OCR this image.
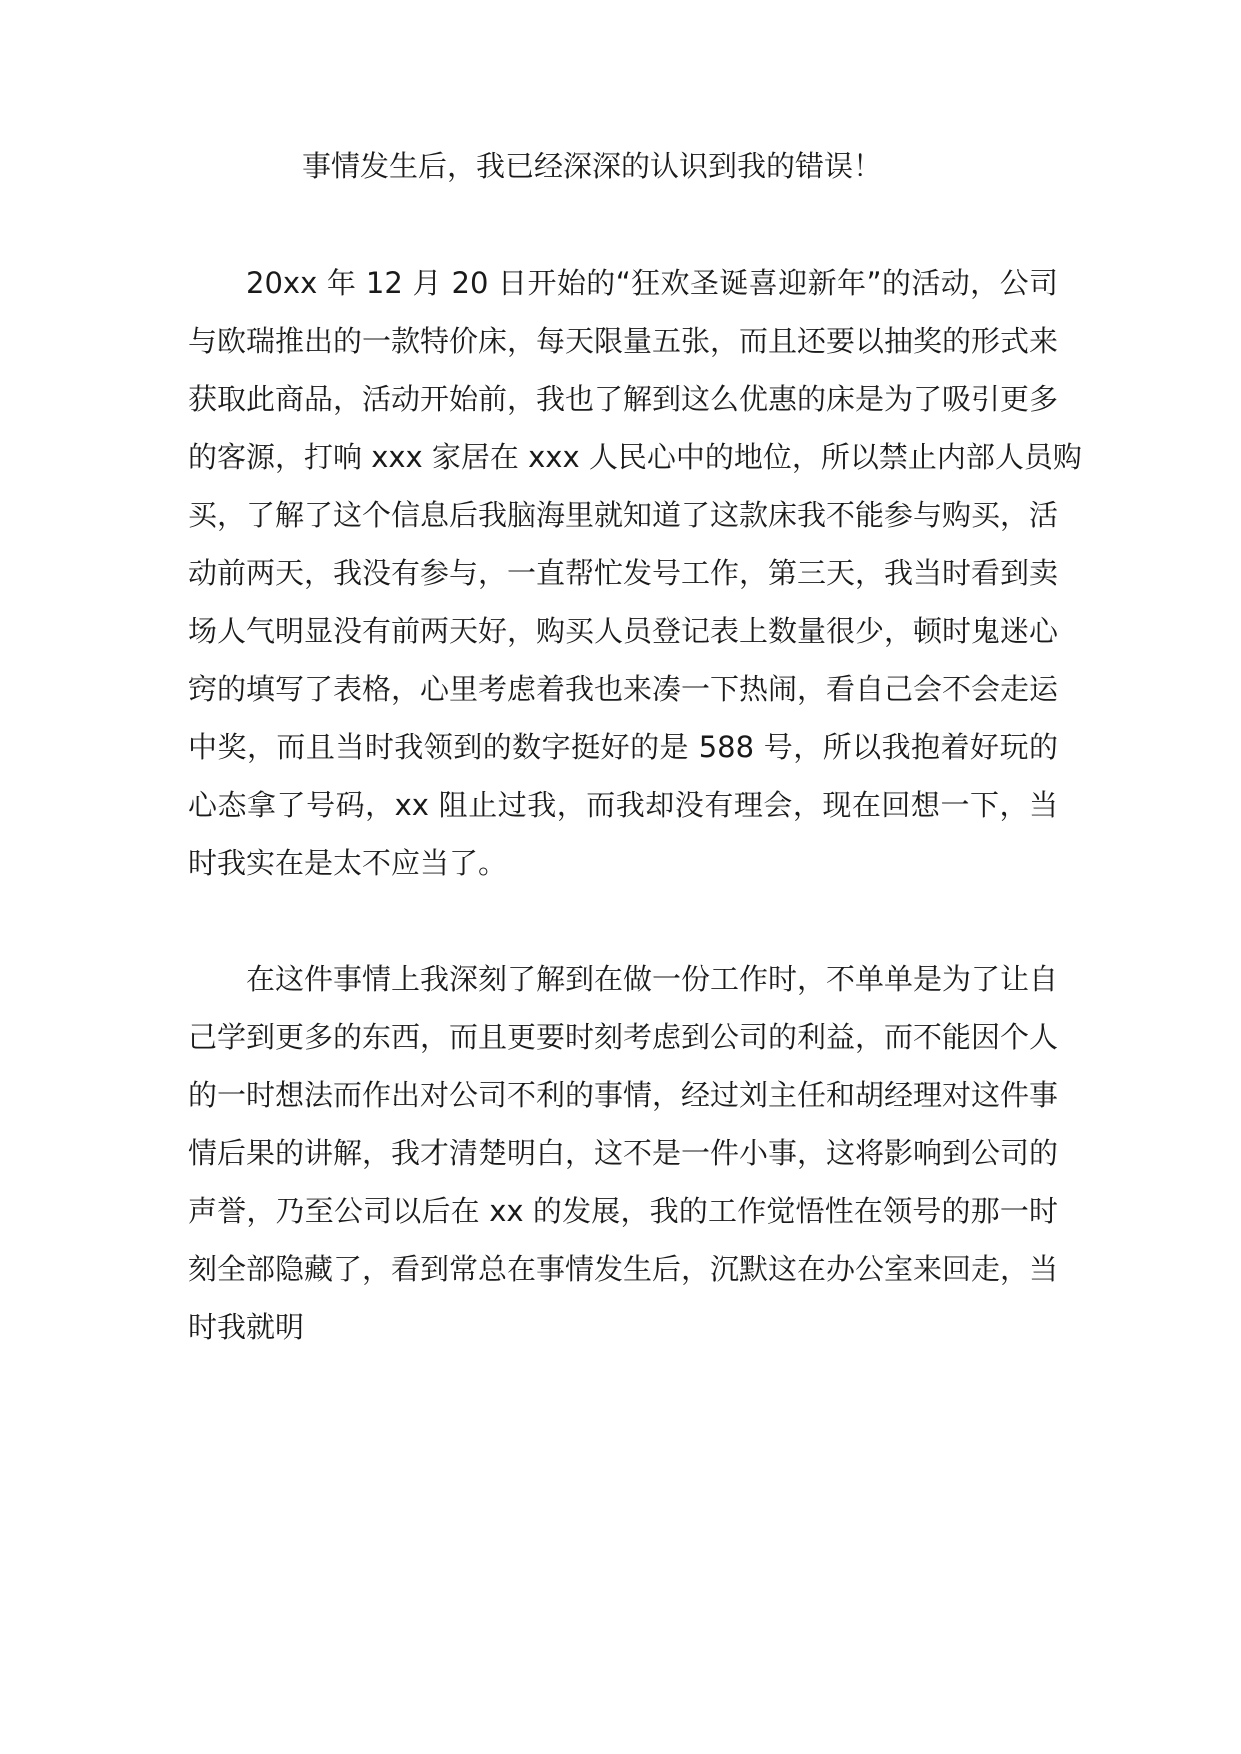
事情发生后，我已经深深的认识到我的错误！
20xx 年 12 月 20 日开始的“狂欢圣诞喜迎新年”的活动，公司
与欧瑞推出的一款特价床，每天限量五张，而且还要以抽奖的形式来
获取此商品，活动开始前，我也了解到这么优惠的床是为了吸引更多
的客源，打响 xxx 家居在 xxx 人民心中的地位，所以禁止内部人员购
买，了解了这个信息后我脑海里就知道了这款床我不能参与购买，活
动前两天，我没有参与，一直帮忙发号工作，第三天，我当时看到卖
场人气明显没有前两天好，购买人员登记表上数量很少，顿时鬼迷心
窍的填写了表格，心里考虑着我也来凑一下热闹，看自己会不会走运
中奖，而且当时我领到的数字挺好的是 588 号，所以我抱着好玩的
心态拿了号码，xx 阻止过我，而我却没有理会，现在回想一下，当
时我实在是太不应当了。
在这件事情上我深刻了解到在做一份工作时，不单单是为了让自
己学到更多的东西，而且更要时刻考虑到公司的利益，而不能因个人
的一时想法而作出对公司不利的事情，经过刘主任和胡经理对这件事
情后果的讲解，我才清楚明白，这不是一件小事，这将影响到公司的
声誉，乃至公司以后在 xx 的发展，我的工作觉悟性在领号的那一时
刻全部隐藏了，看到常总在事情发生后，沉默这在办公室来回走，当
时我就明
